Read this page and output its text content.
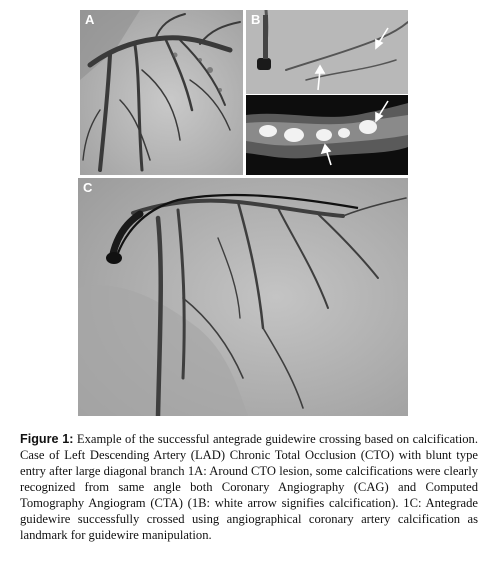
A	B
C

Figure 1: Example of the successful antegrade guidewire crossing based on calcification. Case of Left Descending Artery (LAD) Chronic Total Occlusion (CTO) with blunt type entry after large diagonal branch 1A: Around CTO lesion, some calcifications were clearly recognized from same angle both Coronary Angiography (CAG) and Computed Tomography Angiogram (CTA) (1B: white arrow signifies calcification). 1C: Antegrade guidewire successfully crossed using angiographical coronary artery calcification as landmark for guidewire manipulation.
